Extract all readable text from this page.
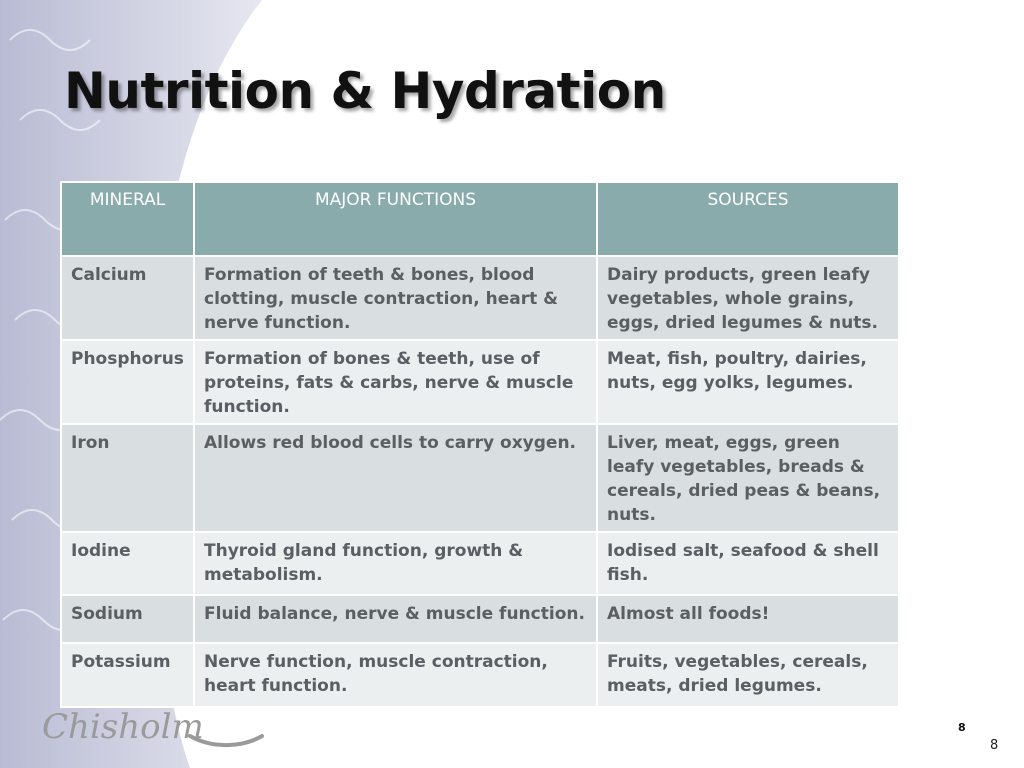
Nutrition & Hydration
MINERAL	MAJOR FUNCTIONS	SOURCES
Calcium	Formation of teeth & bones, blood clotting, muscle contraction, heart & nerve function.	Dairy products, green leafy vegetables, whole grains, eggs, dried legumes & nuts.
Phosphorus	Formation of bones & teeth, use of proteins, fats & carbs, nerve & muscle function.	Meat, fish, poultry, dairies, nuts, egg yolks, legumes.
Iron	Allows red blood cells to carry oxygen.	Liver, meat, eggs, green leafy vegetables, breads & cereals, dried peas & beans, nuts.
Iodine	Thyroid gland function, growth & metabolism.	Iodised salt, seafood & shell fish.
Sodium	Fluid balance, nerve & muscle function.	Almost all foods!
Potassium	Nerve function, muscle contraction, heart function.	Fruits, vegetables, cereals, meats, dried legumes.
Chisholm	8
8
